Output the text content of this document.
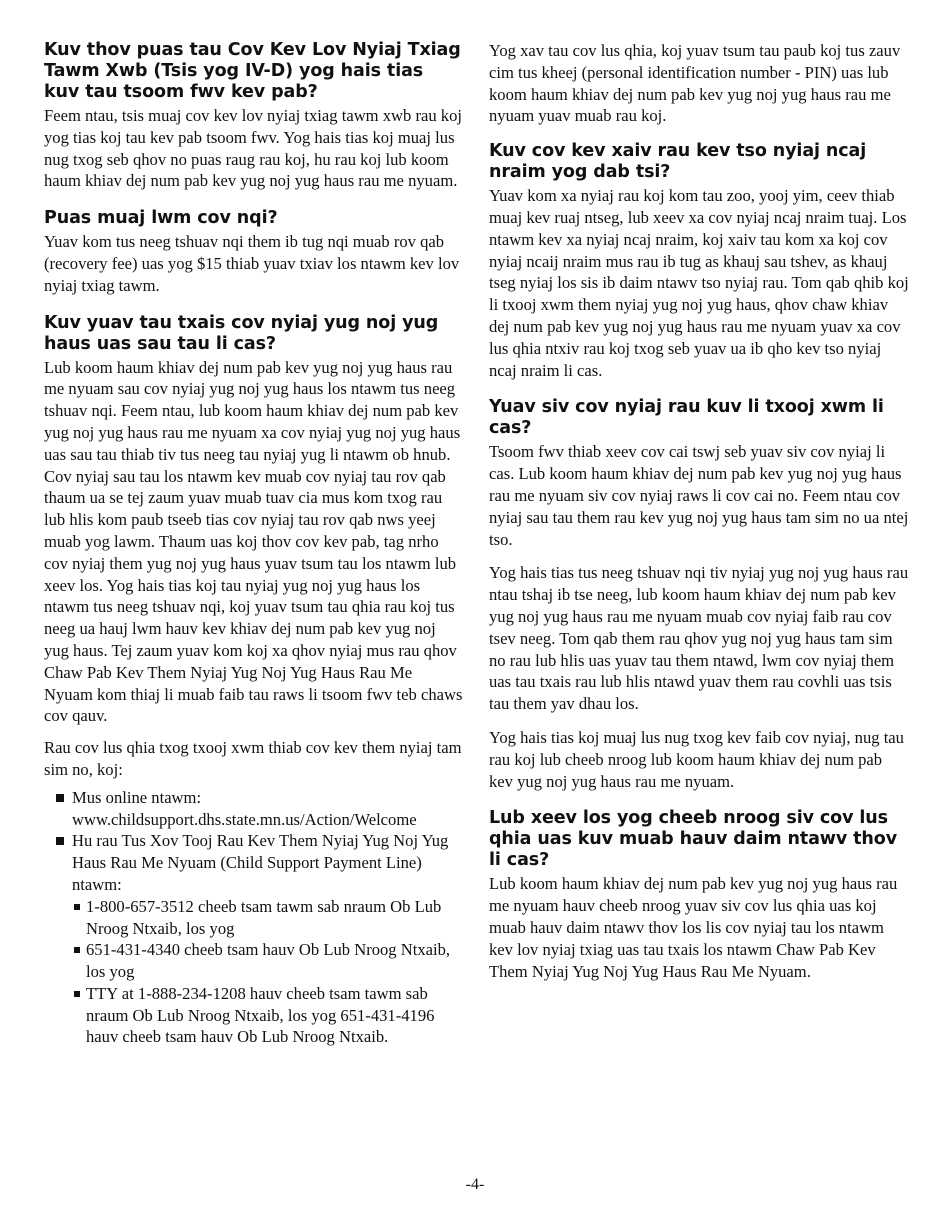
Kuv thov puas tau Cov Kev Lov Nyiaj Txiag Tawm Xwb (Tsis yog IV-D) yog hais tias kuv tau tsoom fwv kev pab?

Feem ntau, tsis muaj cov kev lov nyiaj txiag tawm xwb rau koj yog tias koj tau kev pab tsoom fwv. Yog hais tias koj muaj lus nug txog seb qhov no puas raug rau koj, hu rau koj lub koom haum khiav dej num pab kev yug noj yug haus rau me nyuam.

Puas muaj lwm cov nqi?

Yuav kom tus neeg tshuav nqi them ib tug nqi muab rov qab (recovery fee) uas yog $15 thiab yuav txiav los ntawm kev lov nyiaj txiag tawm.

Kuv yuav tau txais cov nyiaj yug noj yug haus uas sau tau li cas?

Lub koom haum khiav dej num pab kev yug noj yug haus rau me nyuam sau cov nyiaj yug noj yug haus los ntawm tus neeg tshuav nqi. Feem ntau, lub koom haum khiav dej num pab kev yug noj yug haus rau me nyuam xa cov nyiaj yug noj yug haus uas sau tau thiab tiv tus neeg tau nyiaj yug li ntawm ob hnub. Cov nyiaj sau tau los ntawm kev muab cov nyiaj tau rov qab thaum ua se tej zaum yuav muab tuav cia mus kom txog rau lub hlis kom paub tseeb tias cov nyiaj tau rov qab nws yeej muab yog lawm. Thaum uas koj thov cov kev pab, tag nrho cov nyiaj them yug noj yug haus yuav tsum tau los ntawm lub xeev los. Yog hais tias koj tau nyiaj yug noj yug haus los ntawm tus neeg tshuav nqi, koj yuav tsum tau qhia rau koj tus neeg ua hauj lwm hauv kev khiav dej num pab kev yug noj yug haus. Tej zaum yuav kom koj xa qhov nyiaj mus rau qhov Chaw Pab Kev Them Nyiaj Yug Noj Yug Haus Rau Me Nyuam kom thiaj li muab faib tau raws li tsoom fwv teb chaws cov qauv.

Rau cov lus qhia txog txooj xwm thiab cov kev them nyiaj tam sim no, koj:

Mus online ntawm: www.childsupport.dhs.state.mn.us/Action/Welcome
Hu rau Tus Xov Tooj Rau Kev Them Nyiaj Yug Noj Yug Haus Rau Me Nyuam (Child Support Payment Line) ntawm:
1-800-657-3512 cheeb tsam tawm sab nraum Ob Lub Nroog Ntxaib, los yog
651-431-4340 cheeb tsam hauv Ob Lub Nroog Ntxaib, los yog
TTY at 1-888-234-1208 hauv cheeb tsam tawm sab nraum Ob Lub Nroog Ntxaib, los yog 651-431-4196 hauv cheeb tsam hauv Ob Lub Nroog Ntxaib.

Yog xav tau cov lus qhia, koj yuav tsum tau paub koj tus zauv cim tus kheej (personal identification number - PIN) uas lub koom haum khiav dej num pab kev yug noj yug haus rau me nyuam yuav muab rau koj.

Kuv cov kev xaiv rau kev tso nyiaj ncaj nraim yog dab tsi?

Yuav kom xa nyiaj rau koj kom tau zoo, yooj yim, ceev thiab muaj kev ruaj ntseg, lub xeev xa cov nyiaj ncaj nraim tuaj. Los ntawm kev xa nyiaj ncaj nraim, koj xaiv tau kom xa koj cov nyiaj ncaij nraim mus rau ib tug as khauj sau tshev, as khauj tseg nyiaj los sis ib daim ntawv tso nyiaj rau. Tom qab qhib koj li txooj xwm them nyiaj yug noj yug haus, qhov chaw khiav dej num pab kev yug noj yug haus rau me nyuam yuav xa cov lus qhia ntxiv rau koj txog seb yuav ua ib qho kev tso nyiaj ncaj nraim li cas.

Yuav siv cov nyiaj rau kuv li txooj xwm li cas?

Tsoom fwv thiab xeev cov cai tswj seb yuav siv cov nyiaj li cas. Lub koom haum khiav dej num pab kev yug noj yug haus rau me nyuam siv cov nyiaj raws li cov cai no. Feem ntau cov nyiaj sau tau them rau kev yug noj yug haus tam sim no ua ntej tso.

Yog hais tias tus neeg tshuav nqi tiv nyiaj yug noj yug haus rau ntau tshaj ib tse neeg, lub koom haum khiav dej num pab kev yug noj yug haus rau me nyuam muab cov nyiaj faib rau cov tsev neeg. Tom qab them rau qhov yug noj yug haus tam sim no rau lub hlis uas yuav tau them ntawd, lwm cov nyiaj them uas tau txais rau lub hlis ntawd yuav them rau covhli uas tsis tau them yav dhau los.

Yog hais tias koj muaj lus nug txog kev faib cov nyiaj, nug tau rau koj lub cheeb nroog lub koom haum khiav dej num pab kev yug noj yug haus rau me nyuam.

Lub xeev los yog cheeb nroog siv cov lus qhia uas kuv muab hauv daim ntawv thov li cas?

Lub koom haum khiav dej num pab kev yug noj yug haus rau me nyuam hauv cheeb nroog yuav siv cov lus qhia uas koj muab hauv daim ntawv thov los lis cov nyiaj tau los ntawm kev lov nyiaj txiag uas tau txais los ntawm Chaw Pab Kev Them Nyiaj Yug Noj Yug Haus Rau Me Nyuam.

-4-
